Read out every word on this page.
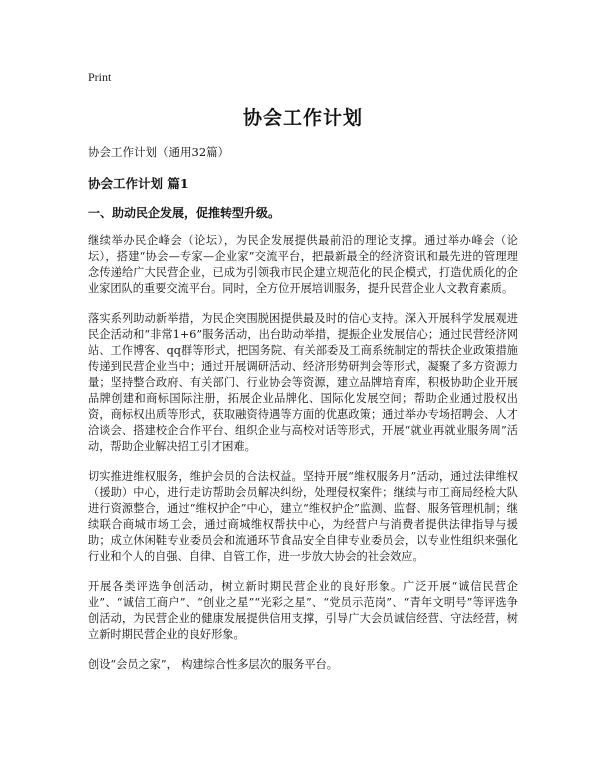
Print
协会工作计划
协会工作计划（通用32篇）
协会工作计划 篇1
一、助动民企发展，促推转型升级。

继续举办民企峰会（论坛），为民企发展提供最前沿的理论支撑。通过举办峰会（论坛），搭建“协会—专家—企业家”交流平台，把最新最全的经济资讯和最先进的管理理念传递给广大民营企业，已成为引领我市民企建立规范化的民企模式，打造优质化的企业家团队的重要交流平台。同时，全方位开展培训服务，提升民营企业人文教育素质。

落实系列助动新举措，为民企突围脱困提供最及时的信心支持。深入开展科学发展观进民企活动和“非常1+6”服务活动，出台助动举措，提振企业发展信心；通过民营经济网站、工作博客、qq群等形式，把国务院、有关部委及工商系统制定的帮扶企业政策措施传递到民营企业当中；通过开展调研活动、经济形势研判会等形式，凝聚了多方资源力量；坚持整合政府、有关部门、行业协会等资源，建立品牌培育库，积极协助企业开展品牌创建和商标国际注册，拓展企业品牌化、国际化发展空间；帮助企业通过股权出资，商标权出质等形式，获取融资待遇等方面的优惠政策；通过举办专场招聘会、人才洽谈会、搭建校企合作平台、组织企业与高校对话等形式，开展“就业再就业服务周”活动，帮助企业解决招工引才困难。

切实推进维权服务，维护会员的合法权益。坚持开展“维权服务月”活动，通过法律维权（援助）中心，进行走访帮助会员解决纠纷，处理侵权案件；继续与市工商局经检大队进行资源整合，通过“维权护企”中心，建立“维权护企”监测、监督、服务管理机制；继续联合商城市场工会，通过商城维权帮扶中心，为经营户与消费者提供法律指导与援助；成立休闲鞋专业委员会和流通环节食品安全自律专业委员会，以专业性组织来强化行业和个人的自强、自律、自管工作，进一步放大协会的社会效应。

开展各类评选争创活动，树立新时期民营企业的良好形象。广泛开展“诚信民营企业”、“诚信工商户”、“创业之星”“光彩之星”、“党员示范岗”、“青年文明号”等评选争创活动，为民营企业的健康发展提供信用支撑，引导广大会员诚信经营、守法经营，树立新时期民营企业的良好形象。

创设“会员之家”， 构建综合性多层次的服务平台。
